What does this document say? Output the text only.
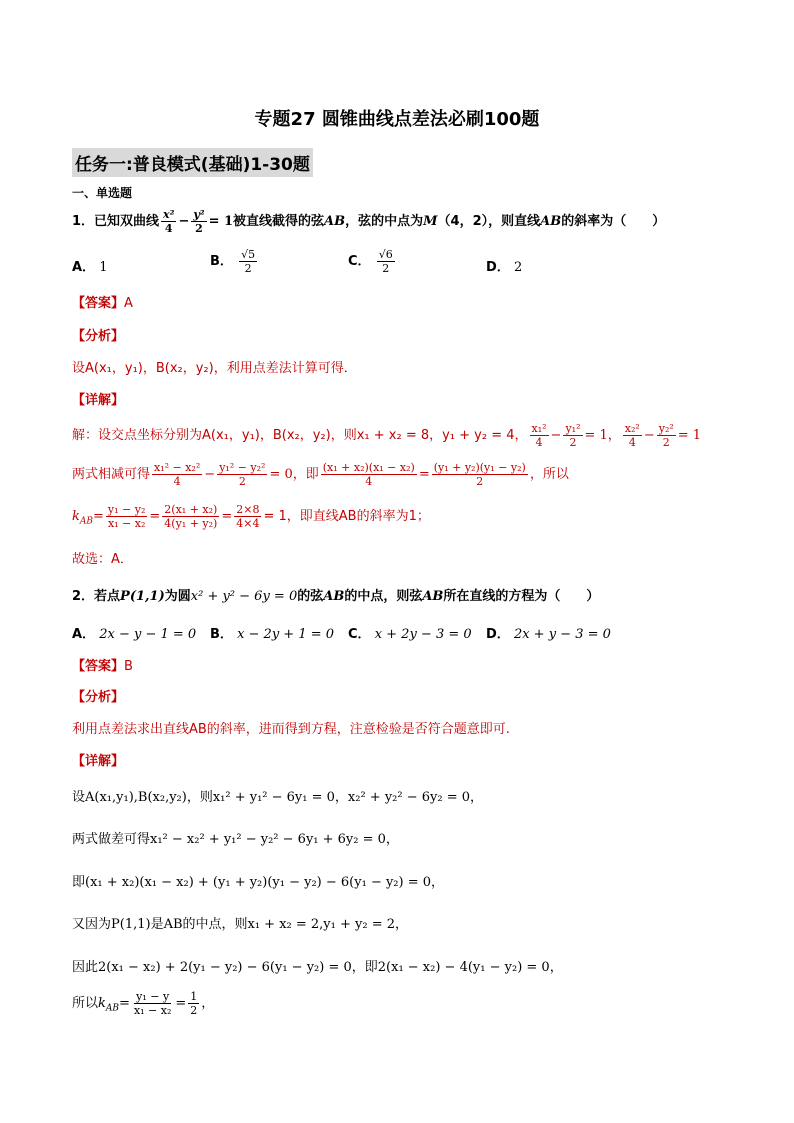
专题27 圆锥曲线点差法必刷100题
任务一:普良模式(基础)1-30题
一、单选题
1．已知双曲线 $\frac{\text{x²}}{4} - \frac{\text{y²}}{2} = 1$被直线截得的弦AB，弦的中点为M（4，2），则直线AB的斜率为（　　）
A． 1	B． $\frac{√5}{2}$	C． $\frac{√6}{2}$	D． 2
【答案】A
【分析】
设A(x₁，y₁)，B(x₂，y₂)，利用点差法计算可得．
【详解】
解：设交点坐标分别为A(x₁，y₁)，B(x₂，y₂)，则x₁ + x₂ = 8，y₁ + y₂ = 4， $\frac{\text{x₁²}}{4} - \frac{\text{y₁²}}{2} = 1$， $\frac{\text{x₂²}}{4} - \frac{\text{y₂²}}{2} = 1$
两式相减可得 $\frac{\text{x₁² − x₂²}}{4} - \frac{\text{y₁² − y₂²}}{2} = 0$，即 $\frac{\text{(x₁ + x₂)(x₁ − x₂)}}{4} = \frac{\text{(y₁ + y₂)(y₁ − y₂)}}{2}$ ，所以
$k_{AB}= \frac{\text{y₁ − y₂}}{\text{x₁ − x₂}} = \frac{\text{2(x₁ + x₂)}}{\text{4(y₁ + y₂)}} = \frac{2\times 8}{4\times 4} = 1$，即直线AB的斜率为1；
故选：A．
2．若点P(1,1)为圆x² + y² − 6y = 0的弦AB的中点，则弦AB所在直线的方程为（　　）
A． 2x − y − 1 = 0 B． x − 2y + 1 = 0 C． x + 2y − 3 = 0 D． 2x + y − 3 = 0
【答案】B
【分析】
利用点差法求出直线AB的斜率，进而得到方程，注意检验是否符合题意即可.
【详解】
设A(x₁,y₁),B(x₂,y₂)，则x₁² + y₁² − 6y₁ = 0，x₂² + y₂² − 6y₂ = 0，
两式做差可得x₁² − x₂² + y₁² − y₂² − 6y₁ + 6y₂ = 0，
即(x₁ + x₂)(x₁ − x₂) + (y₁ + y₂)(y₁ − y₂) − 6(y₁ − y₂) = 0，
又因为P(1,1)是AB的中点，则x₁ + x₂ = 2,y₁ + y₂ = 2，
因此2(x₁ − x₂) + 2(y₁ − y₂) − 6(y₁ − y₂) = 0，即2(x₁ − x₂) − 4(y₁ − y₂) = 0，
所以$k_{AB}= \frac{\text{y₁ − y}}{\text{x₁ − x₂}} = \frac{1}{2}$ ，
